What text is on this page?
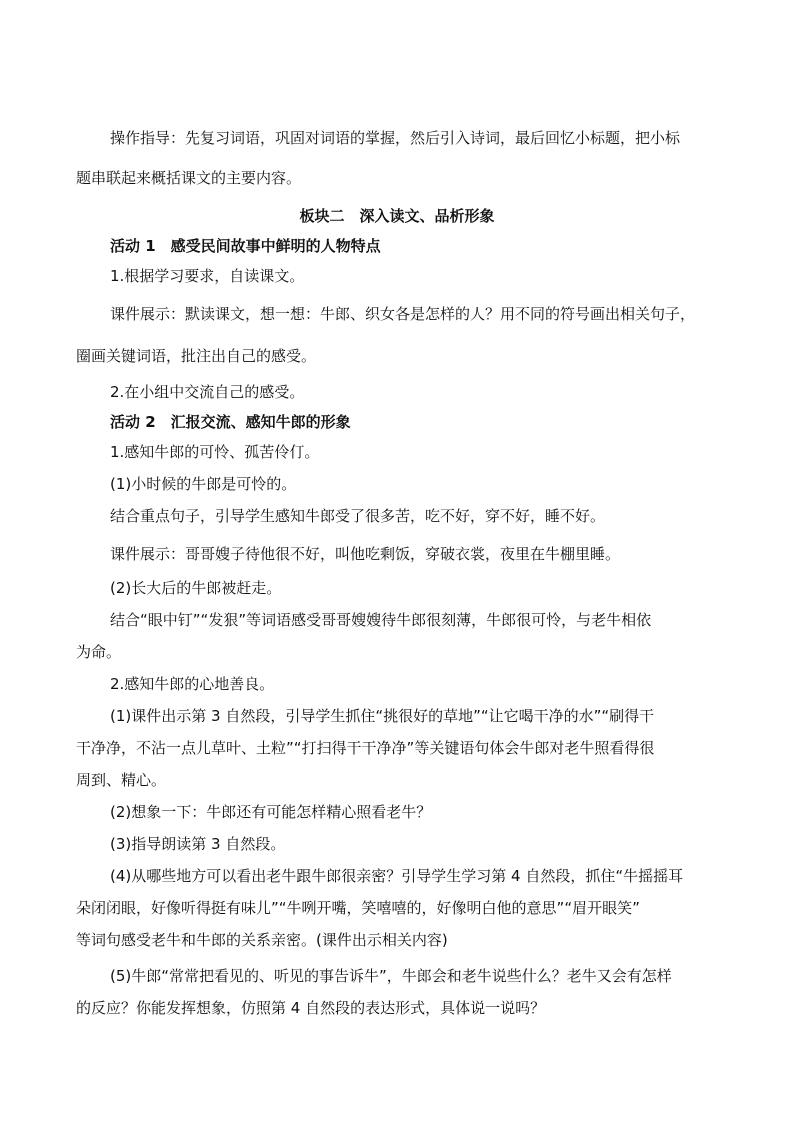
操作指导：先复习词语，巩固对词语的掌握，然后引入诗词，最后回忆小标题，把小标
题串联起来概括课文的主要内容。
板块二　深入读文、品析形象
活动 1　感受民间故事中鲜明的人物特点
1.根据学习要求，自读课文。
课件展示：默读课文，想一想：牛郎、织女各是怎样的人？用不同的符号画出相关句子，
圈画关键词语，批注出自己的感受。
2.在小组中交流自己的感受。
活动 2　汇报交流、感知牛郎的形象
1.感知牛郎的可怜、孤苦伶仃。
(1)小时候的牛郎是可怜的。
结合重点句子，引导学生感知牛郎受了很多苦，吃不好，穿不好，睡不好。
课件展示：哥哥嫂子待他很不好，叫他吃剩饭，穿破衣裳，夜里在牛棚里睡。
(2)长大后的牛郎被赶走。
结合“眼中钉”“发狠”等词语感受哥哥嫂嫂待牛郎很刻薄，牛郎很可怜，与老牛相依
为命。
2.感知牛郎的心地善良。
(1)课件出示第 3 自然段，引导学生抓住“挑很好的草地”“让它喝干净的水”“刷得干
干净净，不沾一点儿草叶、土粒”“打扫得干干净净”等关键语句体会牛郎对老牛照看得很
周到、精心。
(2)想象一下：牛郎还有可能怎样精心照看老牛？
(3)指导朗读第 3 自然段。
(4)从哪些地方可以看出老牛跟牛郎很亲密？引导学生学习第 4 自然段，抓住“牛摇摇耳
朵闭闭眼，好像听得挺有味儿”“牛咧开嘴，笑嘻嘻的，好像明白他的意思”“眉开眼笑”
等词句感受老牛和牛郎的关系亲密。(课件出示相关内容)
(5)牛郎“常常把看见的、听见的事告诉牛”，牛郎会和老牛说些什么？老牛又会有怎样
的反应？你能发挥想象，仿照第 4 自然段的表达形式，具体说一说吗？
